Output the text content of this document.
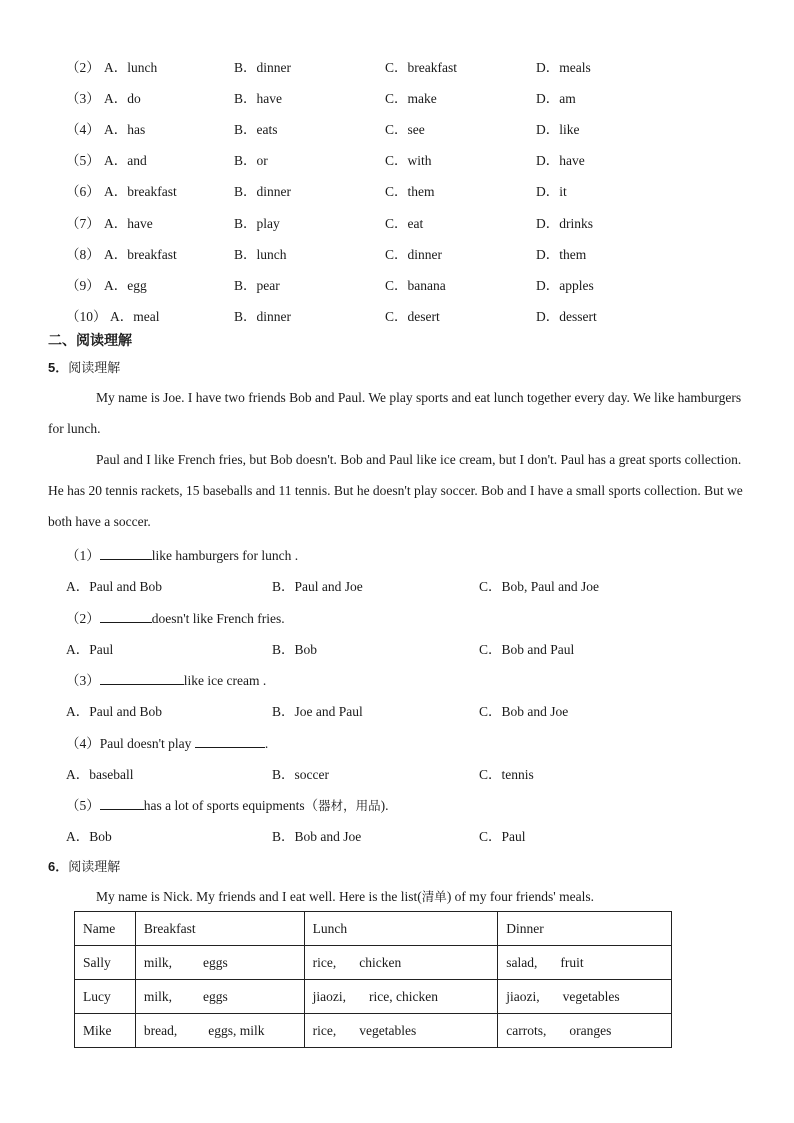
（2） A．lunch	B．dinner	C．breakfast	D．meals
（3） A．do	B．have	C．make	D．am
（4） A．has	B．eats	C．see	D．like
（5） A．and	B．or	C．with	D．have
（6） A．breakfast	B．dinner	C．them	D．it
（7） A．have	B．play	C．eat	D．drinks
（8） A．breakfast	B．lunch	C．dinner	D．them
（9） A．egg	B．pear	C．banana	D．apples
（10） A．meal	B．dinner	C．desert	D．dessert
二、阅读理解
5．阅读理解
My name is Joe. I have two friends Bob and Paul. We play sports and eat lunch together every day. We like hamburgers for lunch.
Paul and I like French fries, but Bob doesn't. Bob and Paul like ice cream, but I don't. Paul has a great sports collection. He has 20 tennis rackets, 15 baseballs and 11 tennis. But he doesn't play soccer. Bob and I have a small sports collection. But we both have a soccer.
（1）	like hamburgers for lunch .
A．Paul and Bob	B．Paul and Joe	C．Bob, Paul and Joe
（2）	doesn't like French fries.
A．Paul	B．Bob	C．Bob and Paul
（3）	like ice cream .
A．Paul and Bob	B．Joe and Paul	C．Bob and Joe
（4）Paul doesn't play	.
A．baseball	B．soccer	C．tennis
（5）	has a lot of sports equipments（器材，用品).
A．Bob	B．Bob and Joe	C．Paul
6．阅读理解
My name is Nick. My friends and I eat well. Here is the list(清单) of my four friends' meals.
Name	Breakfast	Lunch	Dinner
Sally	milk, eggs	rice, chicken	salad, fruit
Lucy	milk, eggs	jiaozi, rice, chicken	jiaozi, vegetables
Mike	bread, eggs, milk	rice, vegetables	carrots, oranges
